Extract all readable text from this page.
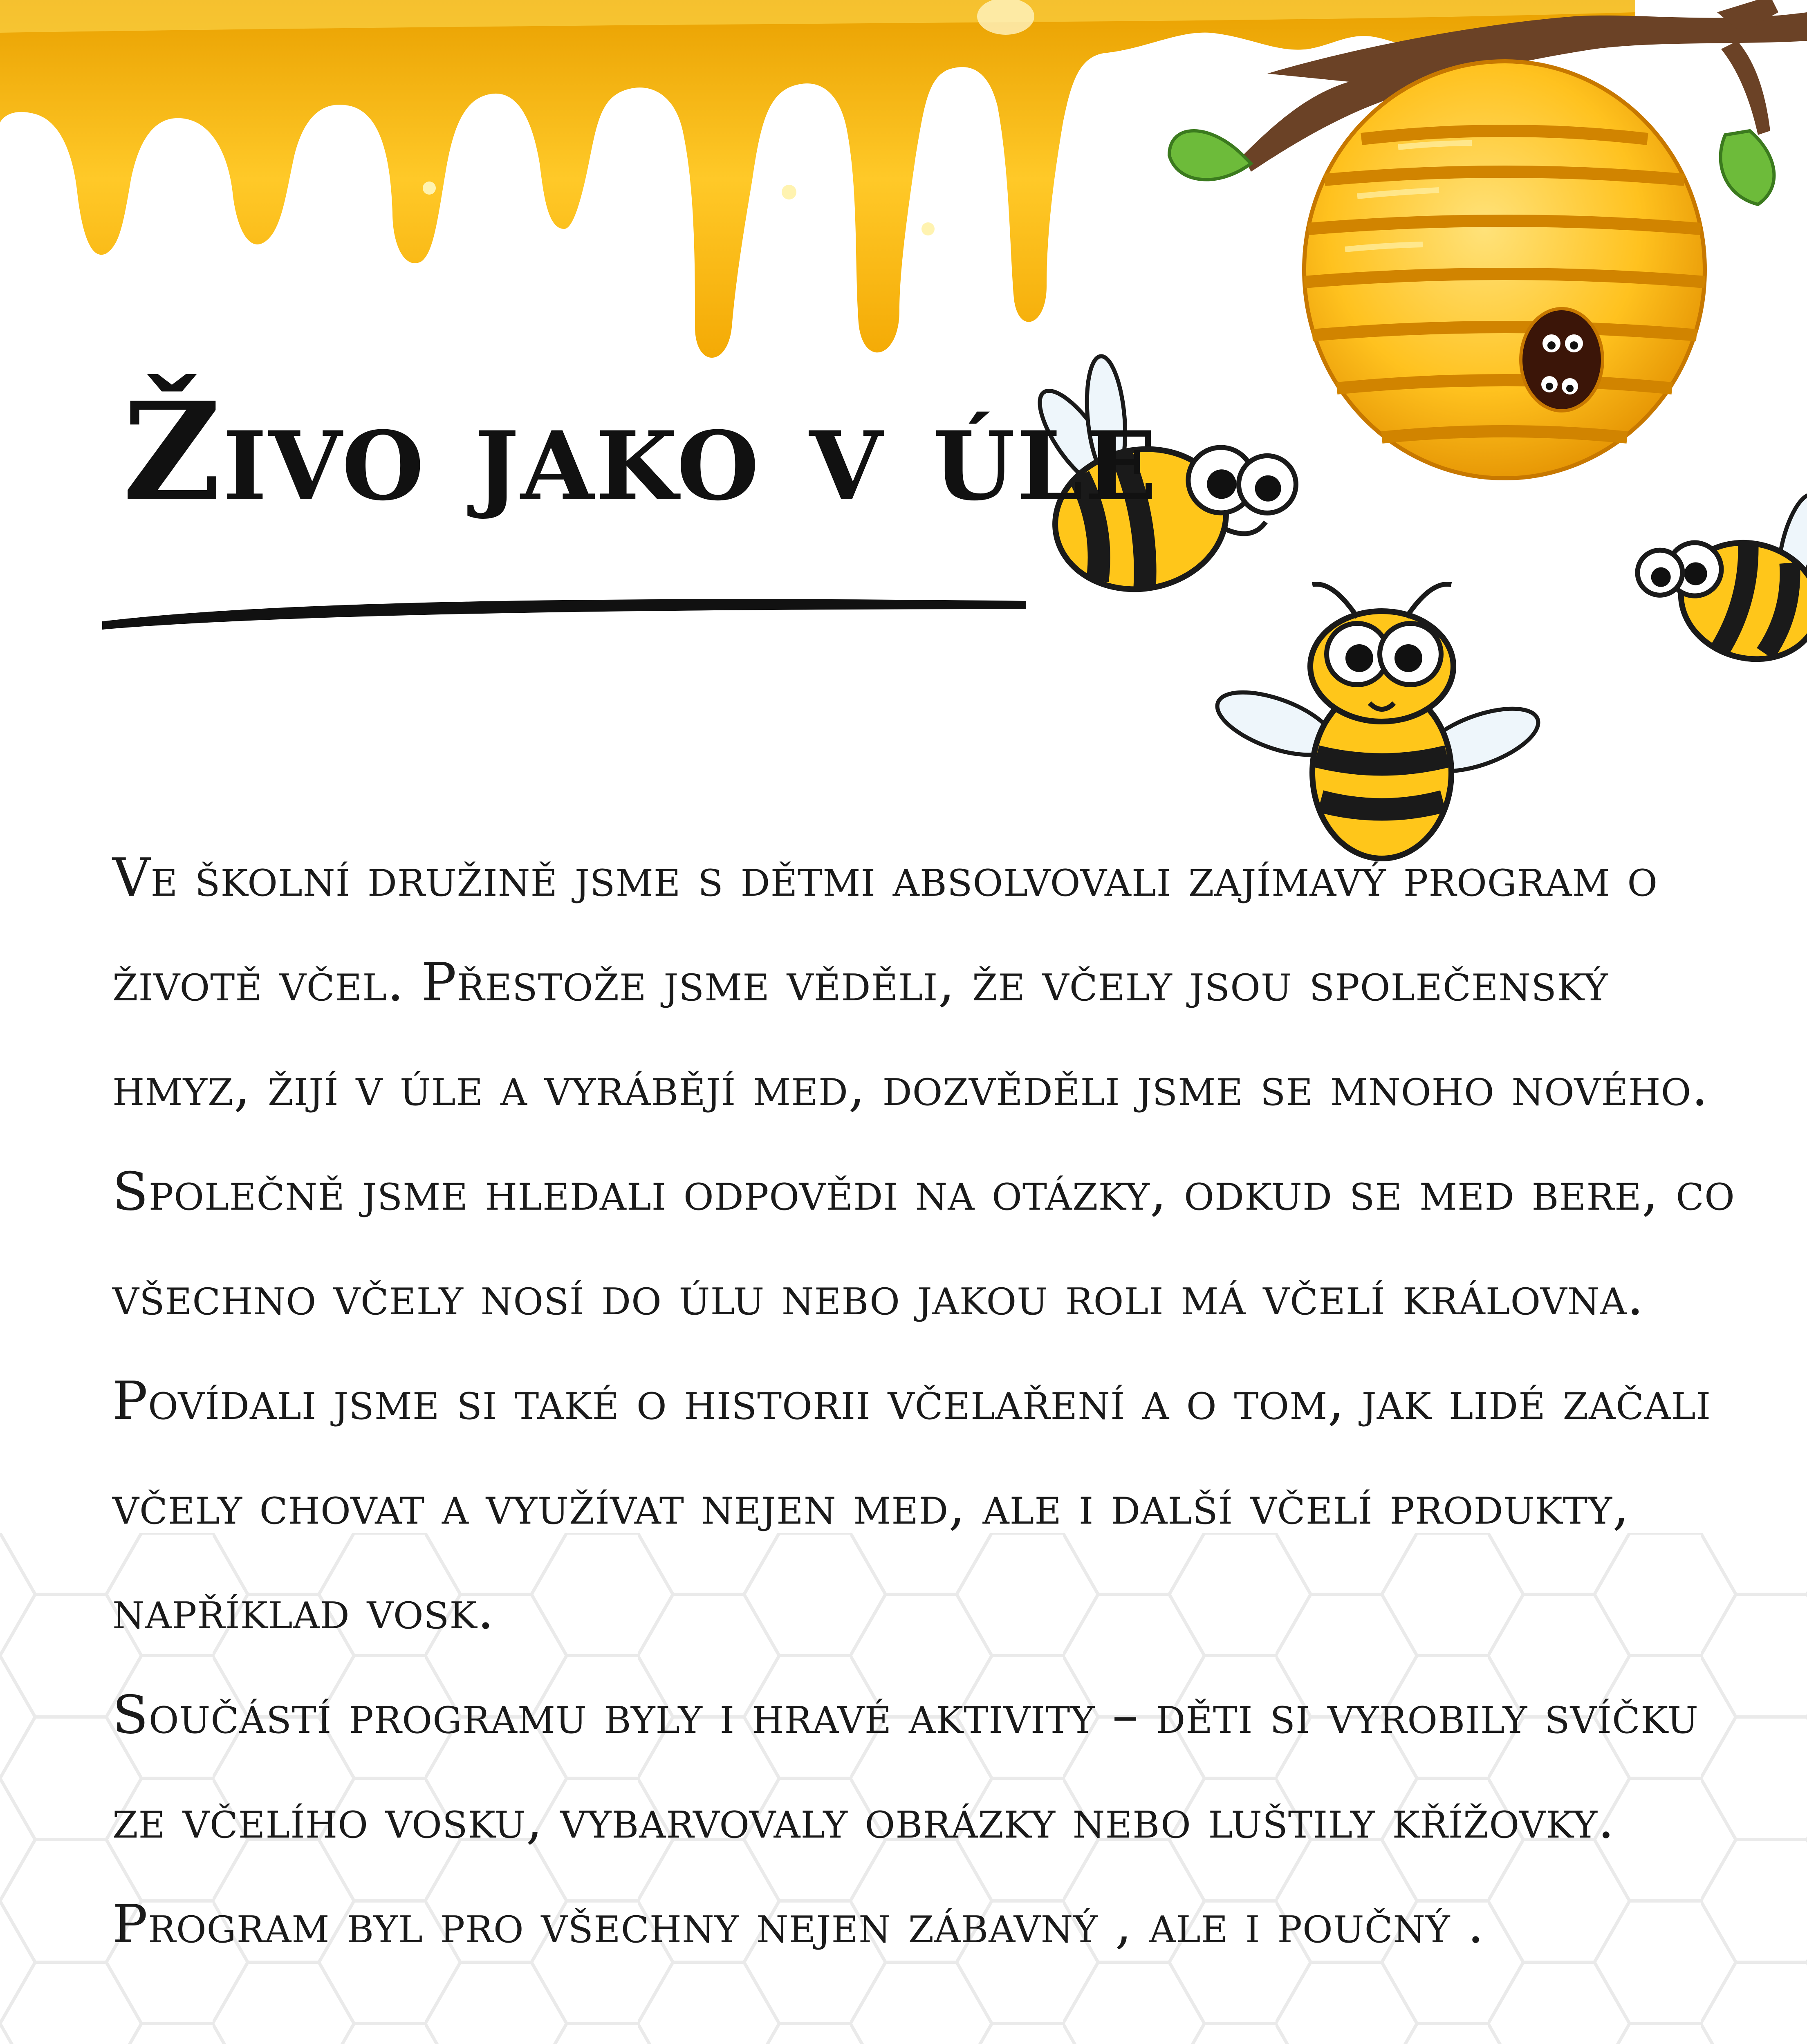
Živo jako v úle

Ve školní družině jsme s dětmi absolvovali zajímavý program o životě včel. Přestože jsme věděli, že včely jsou společenský hmyz, žijí v úle a vyrábějí med, dozvěděli jsme se mnoho nového. Společně jsme hledali odpovědi na otázky, odkud se med bere, co všechno včely nosí do úlu nebo jakou roli má včelí královna.

Povídali jsme si také o historii včelaření a o tom, jak lidé začali včely chovat a využívat nejen med, ale i další včelí produkty, například vosk.

Součástí programu byly i hravé aktivity – děti si vyrobily svíčku ze včelího vosku, vybarvovaly obrázky nebo luštily křížovky. Program byl pro všechny nejen zábavný , ale i poučný .
